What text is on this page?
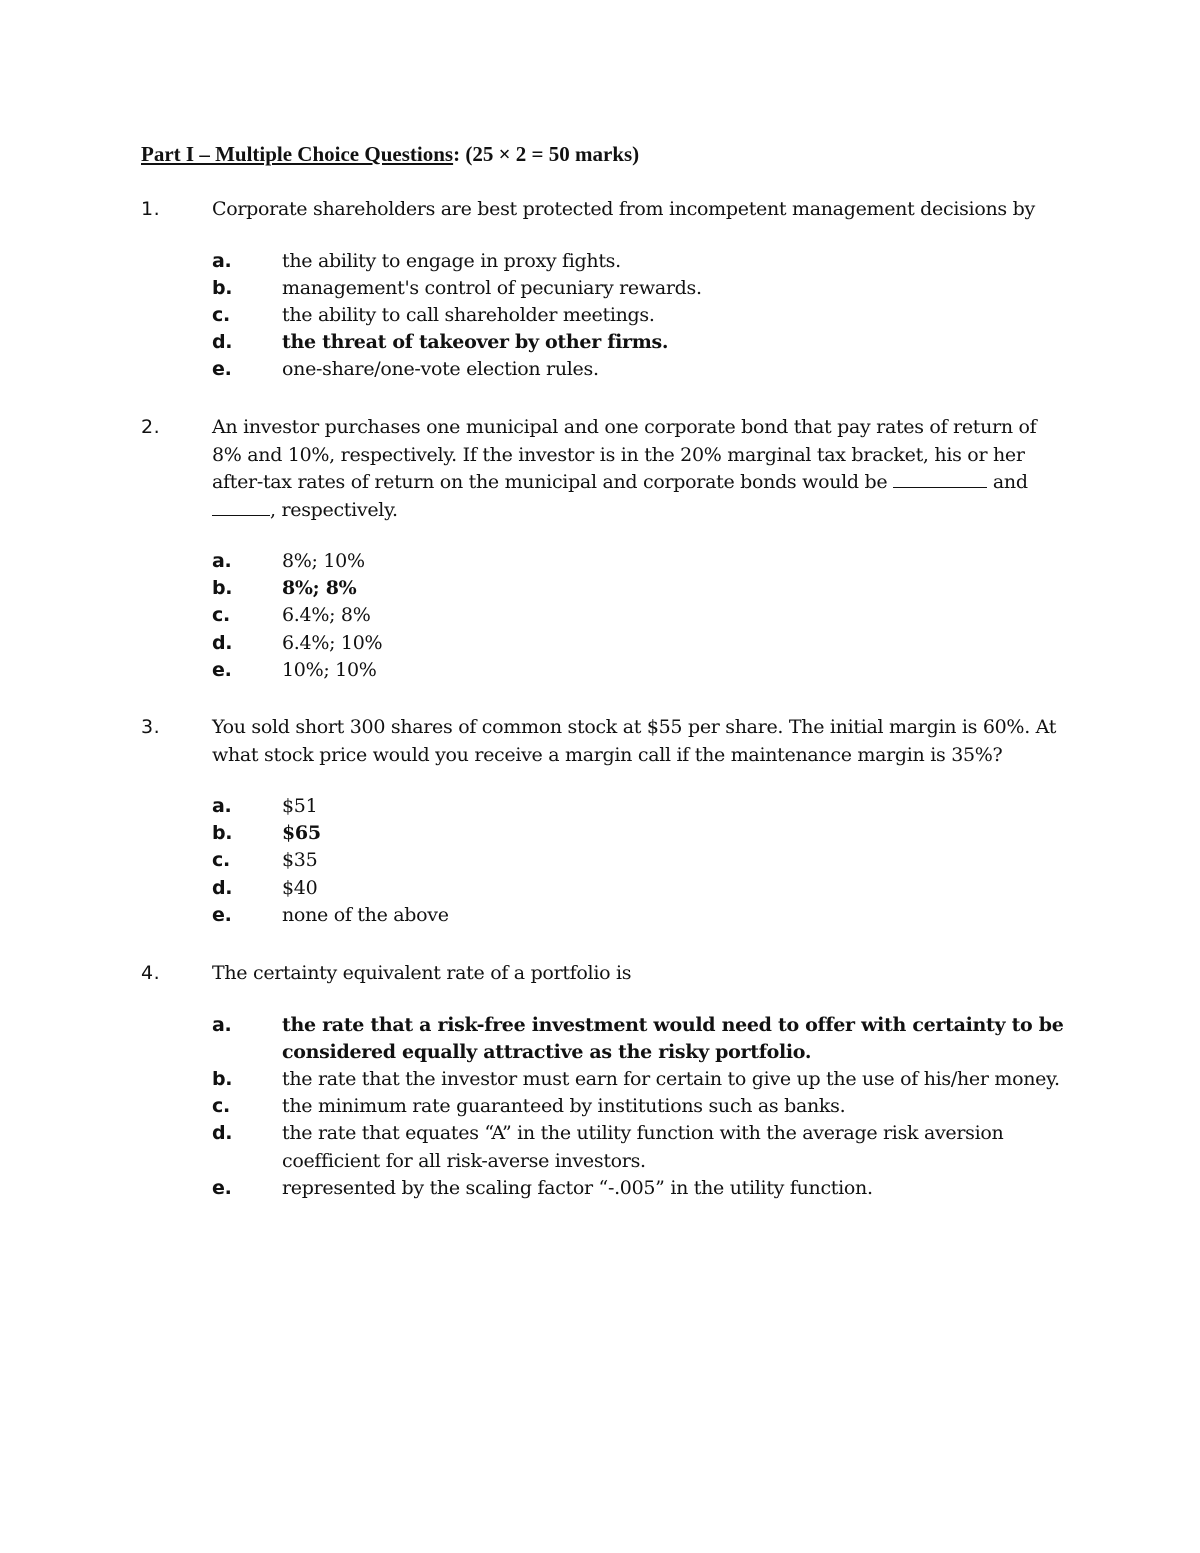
Part I – Multiple Choice Questions: (25 × 2 = 50 marks)
1.	Corporate shareholders are best protected from incompetent management decisions by
a.	the ability to engage in proxy fights.
b.	management's control of pecuniary rewards.
c.	the ability to call shareholder meetings.
d.	the threat of takeover by other firms.
e.	one-share/one-vote election rules.
2.	An investor purchases one municipal and one corporate bond that pay rates of return of 8% and 10%, respectively. If the investor is in the 20% marginal tax bracket, his or her after-tax rates of return on the municipal and corporate bonds would be	and , respectively.
a.	8%; 10%
b.	8%; 8%
c.	6.4%; 8%
d.	6.4%; 10%
e.	10%; 10%
3.	You sold short 300 shares of common stock at $55 per share. The initial margin is 60%. At what stock price would you receive a margin call if the maintenance margin is 35%?
a.	$51
b.	$65
c.	$35
d.	$40
e.	none of the above
4.	The certainty equivalent rate of a portfolio is
a.	the rate that a risk-free investment would need to offer with certainty to be considered equally attractive as the risky portfolio.
b.	the rate that the investor must earn for certain to give up the use of his/her money.
c.	the minimum rate guaranteed by institutions such as banks.
d.	the rate that equates “A” in the utility function with the average risk aversion coefficient for all risk-averse investors.
e.	represented by the scaling factor “-.005” in the utility function.
